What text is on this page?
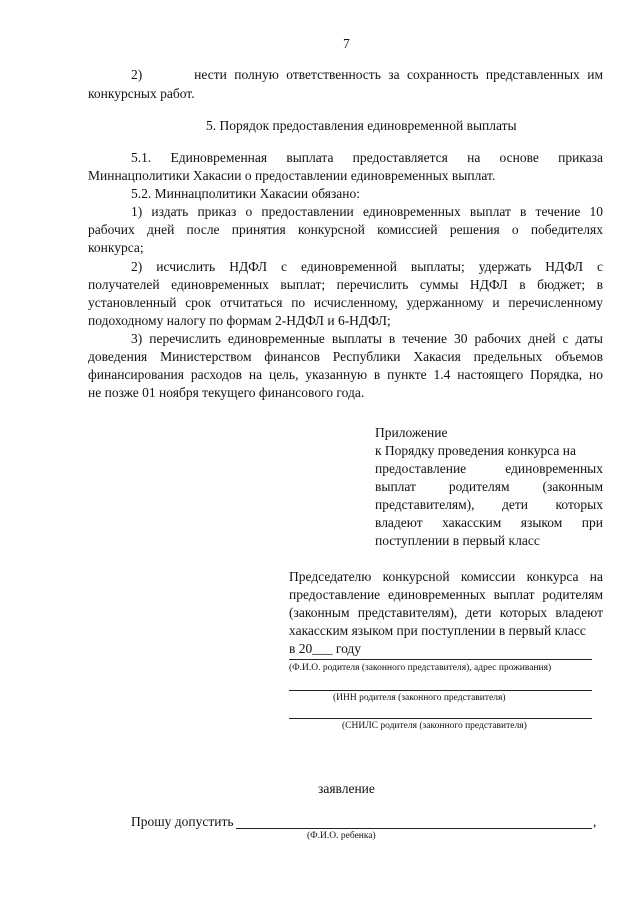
7
2)       нести полную ответственность за сохранность представленных им
конкурсных работ.
5. Порядок предоставления единовременной выплаты
5.1. Единовременная выплата предоставляется на основе приказа
Миннацполитики Хакасии о предоставлении единовременных выплат.
5.2. Миннацполитики Хакасии обязано:
1) издать приказ о предоставлении единовременных выплат в течение 10
рабочих дней после принятия конкурсной комиссией решения о победителях
конкурса;
2) исчислить НДФЛ с единовременной выплаты; удержать НДФЛ с
получателей единовременных выплат; перечислить суммы НДФЛ в бюджет; в
установленный срок отчитаться по исчисленному, удержанному и перечисленному
подоходному налогу по формам 2-НДФЛ и 6-НДФЛ;
3) перечислить единовременные выплаты в течение 30 рабочих дней с даты
доведения Министерством финансов Республики Хакасия предельных объемов
финансирования расходов на цель, указанную в пункте 1.4 настоящего Порядка, но
не позже 01 ноября текущего финансового года.
Приложение
к Порядку проведения конкурса на
предоставление единовременных
выплат родителям (законным
представителям), дети которых
владеют хакасским языком при
поступлении в первый класс
Председателю конкурсной комиссии конкурса на
предоставление единовременных выплат родителям
(законным представителям), дети которых владеют
хакасским языком при поступлении в первый класс
в 20___ году
(Ф.И.О. родителя (законного представителя), адрес проживания)
(ИНН родителя (законного представителя)
(СНИЛС родителя (законного представителя)
заявление
Прошу допустить	,
(Ф.И.О. ребенка)
